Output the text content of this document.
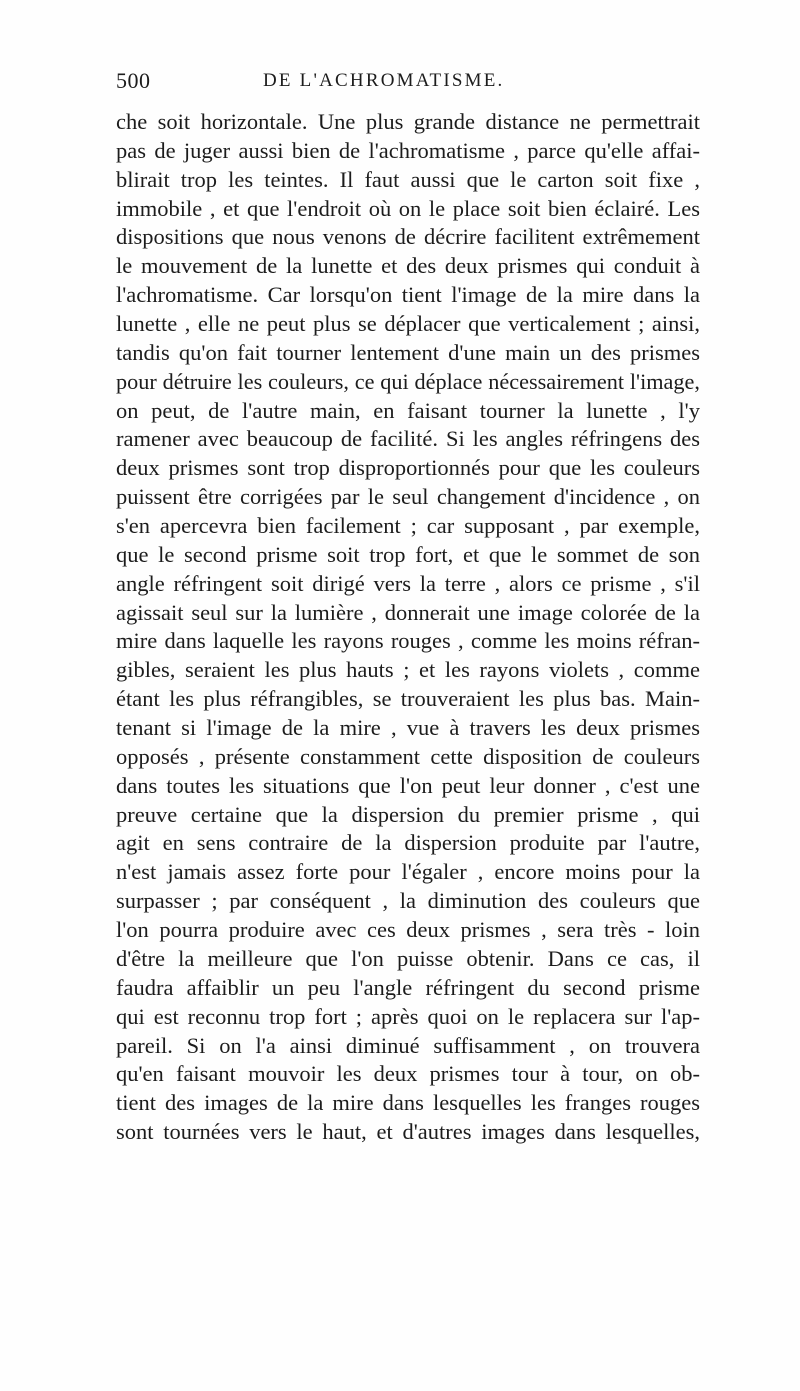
500	DE L'ACHROMATISME.
che soit horizontale. Une plus grande distance ne permettrait
pas de juger aussi bien de l'achromatisme , parce qu'elle affai-
blirait trop les teintes. Il faut aussi que le carton soit fixe ,
immobile , et que l'endroit où on le place soit bien éclairé. Les
dispositions que nous venons de décrire facilitent extrêmement
le mouvement de la lunette et des deux prismes qui conduit à
l'achromatisme. Car lorsqu'on tient l'image de la mire dans la
lunette , elle ne peut plus se déplacer que verticalement ; ainsi,
tandis qu'on fait tourner lentement d'une main un des prismes
pour détruire les couleurs, ce qui déplace nécessairement l'image,
on peut, de l'autre main, en faisant tourner la lunette , l'y
ramener avec beaucoup de facilité. Si les angles réfringens des
deux prismes sont trop disproportionnés pour que les couleurs
puissent être corrigées par le seul changement d'incidence , on
s'en apercevra bien facilement ; car supposant , par exemple,
que le second prisme soit trop fort, et que le sommet de son
angle réfringent soit dirigé vers la terre , alors ce prisme , s'il
agissait seul sur la lumière , donnerait une image colorée de la
mire dans laquelle les rayons rouges , comme les moins réfran-
gibles, seraient les plus hauts ; et les rayons violets , comme
étant les plus réfrangibles, se trouveraient les plus bas. Main-
tenant si l'image de la mire , vue à travers les deux prismes
opposés , présente constamment cette disposition de couleurs
dans toutes les situations que l'on peut leur donner , c'est une
preuve certaine que la dispersion du premier prisme , qui
agit en sens contraire de la dispersion produite par l'autre,
n'est jamais assez forte pour l'égaler , encore moins pour la
surpasser ; par conséquent , la diminution des couleurs que
l'on pourra produire avec ces deux prismes , sera très - loin
d'être la meilleure que l'on puisse obtenir. Dans ce cas, il
faudra affaiblir un peu l'angle réfringent du second prisme
qui est reconnu trop fort ; après quoi on le replacera sur l'ap-
pareil. Si on l'a ainsi diminué suffisamment , on trouvera
qu'en faisant mouvoir les deux prismes tour à tour, on ob-
tient des images de la mire dans lesquelles les franges rouges
sont tournées vers le haut, et d'autres images dans lesquelles,
